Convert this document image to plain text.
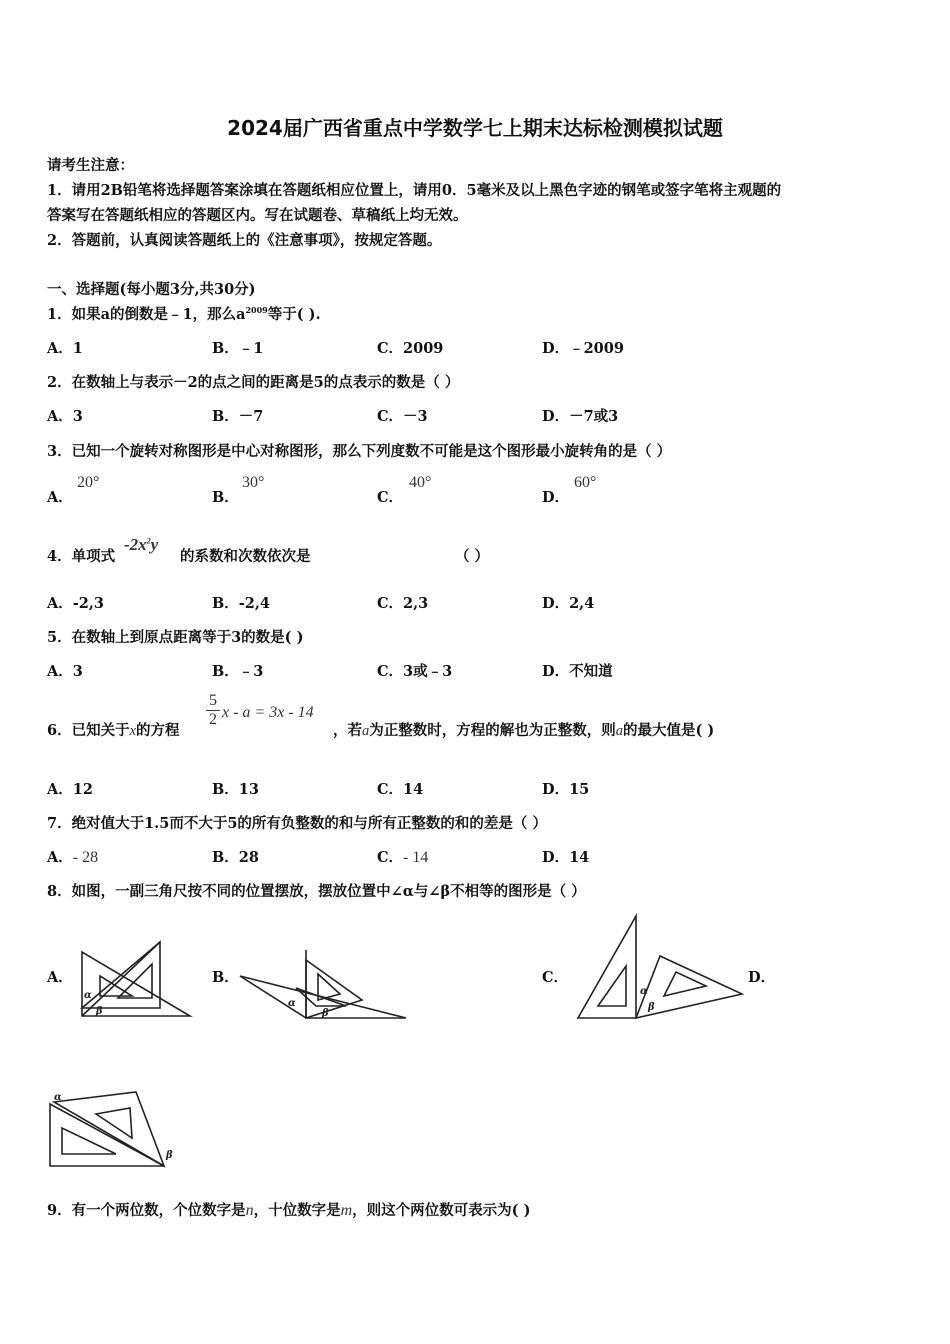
2024届广西省重点中学数学七上期末达标检测模拟试题
请考生注意：
1．请用2B铅笔将选择题答案涂填在答题纸相应位置上，请用0．5毫米及以上黑色字迹的钢笔或签字笔将主观题的
答案写在答题纸相应的答题区内。写在试题卷、草稿纸上均无效。
2．答题前，认真阅读答题纸上的《注意事项》，按规定答题。
一、选择题(每小题3分,共30分)
1．如果a的倒数是﹣1，那么$a^{2009}$等于( ).
A．1	B．﹣1	C．2009	D．﹣2009
2．在数轴上与表示－2的点之间的距离是5的点表示的数是（ ）
A．3	B．－7	C．－3	D．－7或3
3．已知一个旋转对称图形是中心对称图形，那么下列度数不可能是这个图形最小旋转角的是（ ）
A．
20°
B．
30°
C．
40°
D．
60°
4．单项式
$-2x^2y$
的系数和次数依次是	（ ）
A．-2,3	B．-2,4	C．2,3	D．2,4
5．在数轴上到原点距离等于3的数是( )
A．3	B．﹣3	C．3或﹣3	D．不知道
6．已知关于x的方程
$\frac{5}{2}$ x - a = 3x - 14
，若a为正整数时，方程的解也为正整数，则a的最大值是( )
A．12	B．13	C．14	D．15
7．绝对值大于1.5而不大于5的所有负整数的和与所有正整数的和的差是（ ）
A．- 28	B．28	C．- 14	D．14
8．如图，一副三角尺按不同的位置摆放，摆放位置中∠α与∠β不相等的图形是（ ）
A．	B．	C．	D．
α
β
α
β
α
β
α
β
9．有一个两位数，个位数字是n，十位数字是m，则这个两位数可表示为( )
